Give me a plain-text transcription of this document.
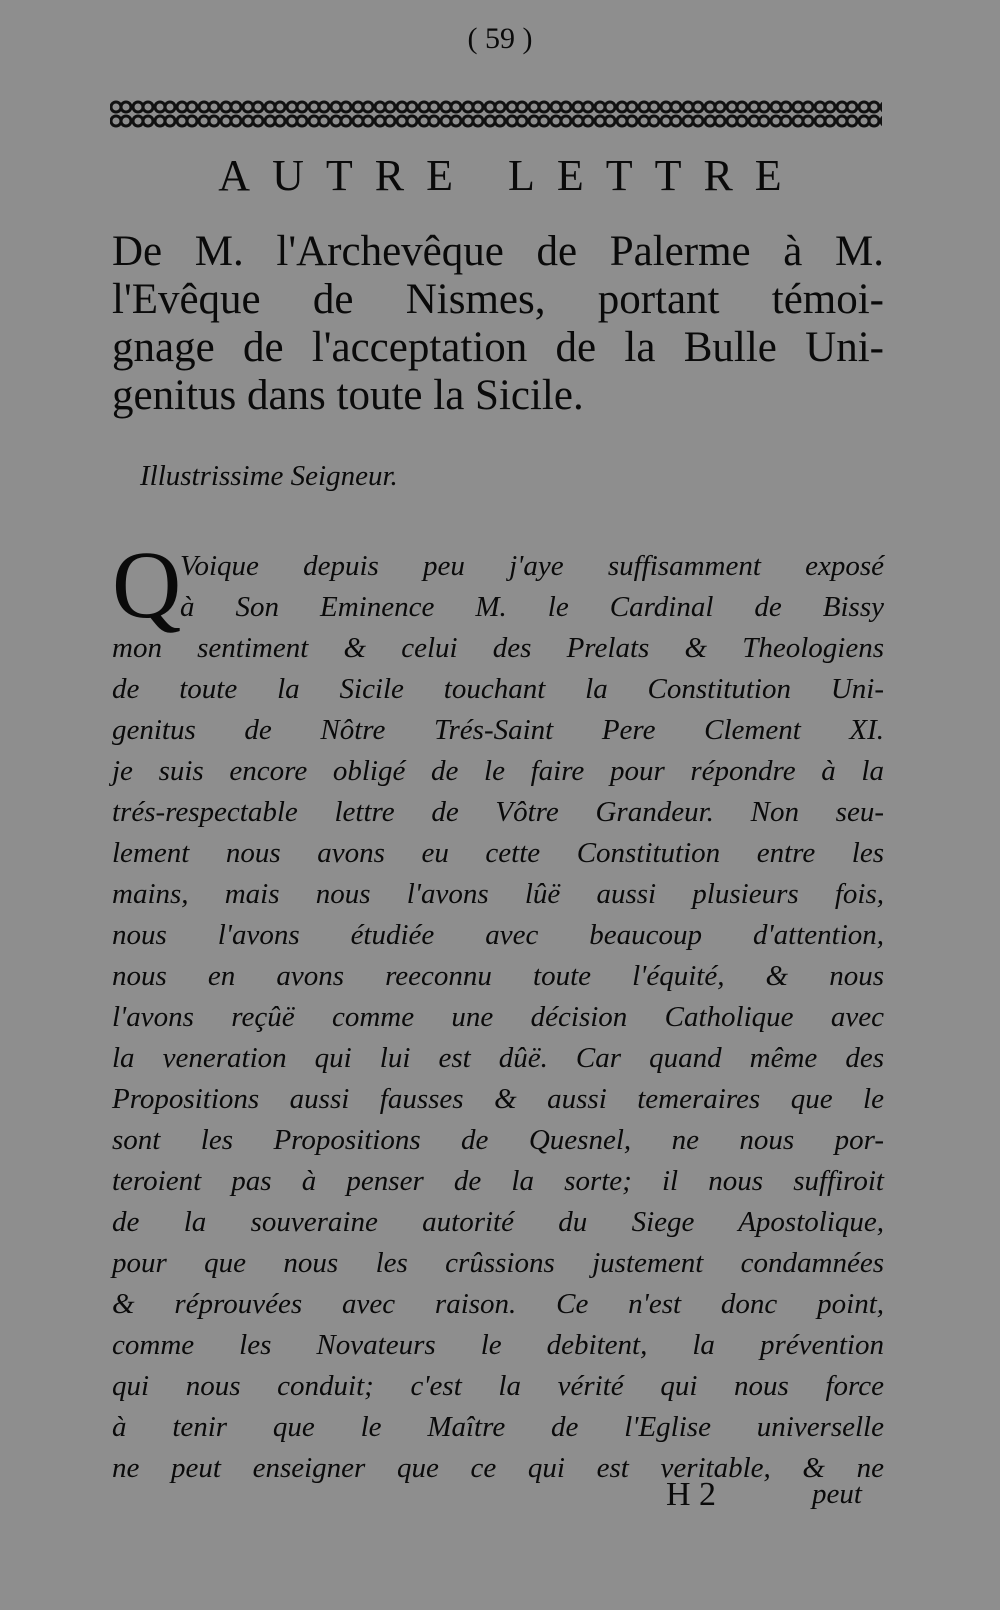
( 59 )
AUTRE LETTRE
De M. l'Archevêque de Palerme à M.
l'Evêque de Nismes, portant témoi-
gnage de l'acceptation de la Bulle Uni-
genitus dans toute la Sicile.
Illustrissime Seigneur.
Q
Voique depuis peu j'aye suffisamment exposé
à Son Eminence M. le Cardinal de Bissy
mon sentiment & celui des Prelats & Theologiens
de toute la Sicile touchant la Constitution Uni-
genitus de Nôtre Trés-Saint Pere Clement XI.
je suis encore obligé de le faire pour répondre à la
trés-respectable lettre de Vôtre Grandeur. Non seu-
lement nous avons eu cette Constitution entre les
mains, mais nous l'avons lûë aussi plusieurs fois,
nous l'avons étudiée avec beaucoup d'attention,
nous en avons reeconnu toute l'équité, & nous
l'avons reçûë comme une décision Catholique avec
la veneration qui lui est dûë. Car quand même des
Propositions aussi fausses & aussi temeraires que le
sont les Propositions de Quesnel, ne nous por-
teroient pas à penser de la sorte; il nous suffiroit
de la souveraine autorité du Siege Apostolique,
pour que nous les crûssions justement condamnées
& réprouvées avec raison. Ce n'est donc point,
comme les Novateurs le debitent, la prévention
qui nous conduit; c'est la vérité qui nous force
à tenir que le Maître de l'Eglise universelle
ne peut enseigner que ce qui est veritable, & ne
H 2	peut
